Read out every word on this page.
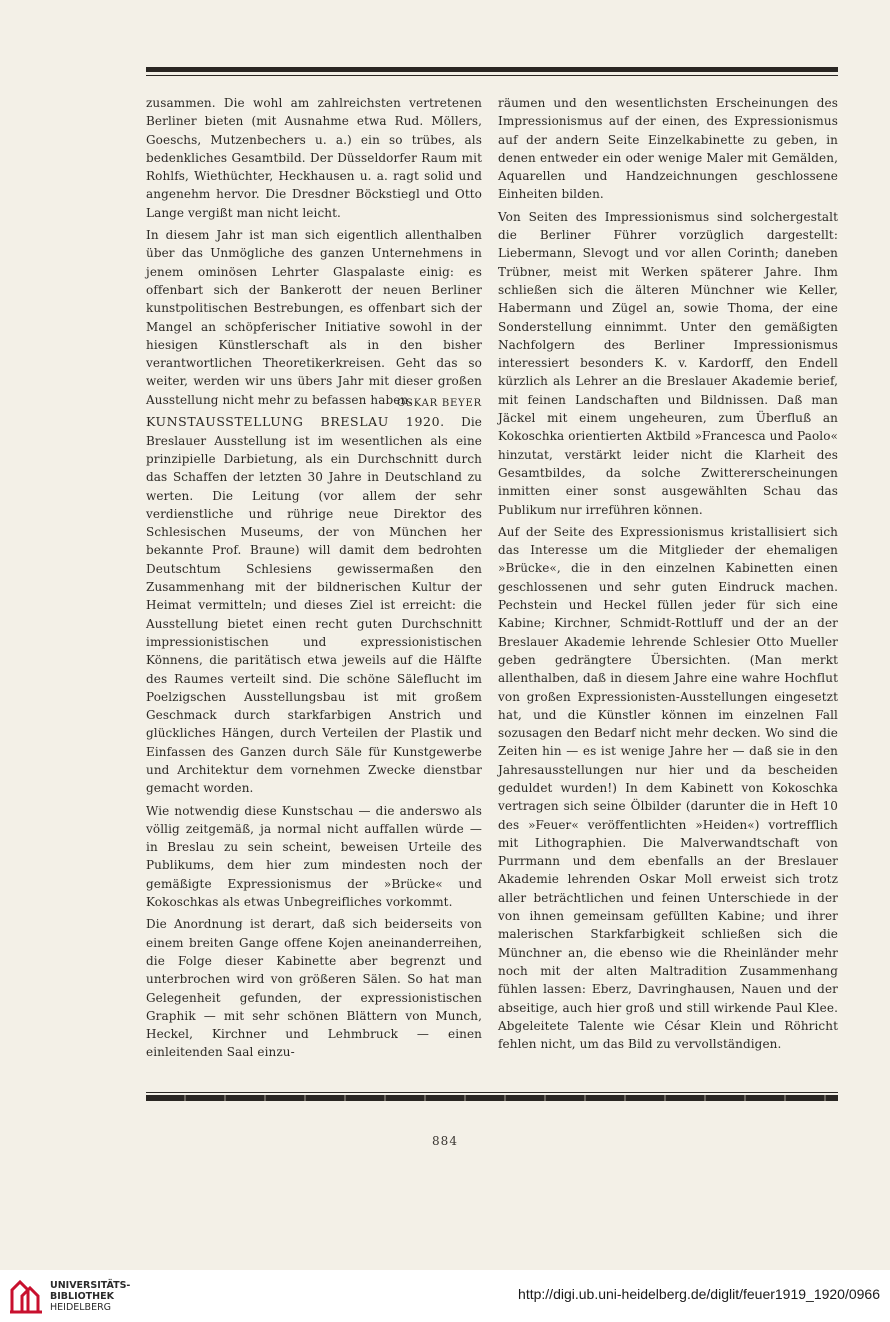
zusammen. Die wohl am zahlreichsten vertretenen Berliner bieten (mit Ausnahme etwa Rud. Möllers, Goeschs, Mutzenbechers u. a.) ein so trübes, als bedenkliches Gesamtbild. Der Düsseldorfer Raum mit Rohlfs, Wiethüchter, Heckhausen u. a. ragt solid und angenehm hervor. Die Dresdner Böckstiegl und Otto Lange vergißt man nicht leicht.

In diesem Jahr ist man sich eigentlich allenthalben über das Unmögliche des ganzen Unternehmens in jenem ominösen Lehrter Glaspalaste einig: es offenbart sich der Bankerott der neuen Berliner kunstpolitischen Bestrebungen, es offenbart sich der Mangel an schöpferischer Initiative sowohl in der hiesigen Künstlerschaft als in den bisher verantwortlichen Theoretikerkreisen. Geht das so weiter, werden wir uns übers Jahr mit dieser großen Ausstellung nicht mehr zu befassen haben.

OSKAR BEYER

KUNSTAUSSTELLUNG BRESLAU 1920. Die Breslauer Ausstellung ist im wesentlichen als eine prinzipielle Darbietung, als ein Durchschnitt durch das Schaffen der letzten 30 Jahre in Deutschland zu werten. Die Leitung (vor allem der sehr verdienstliche und rührige neue Direktor des Schlesischen Museums, der von München her bekannte Prof. Braune) will damit dem bedrohten Deutschtum Schlesiens gewissermaßen den Zusammenhang mit der bildnerischen Kultur der Heimat vermitteln; und dieses Ziel ist erreicht: die Ausstellung bietet einen recht guten Durchschnitt impressionistischen und expressionistischen Könnens, die paritätisch etwa jeweils auf die Hälfte des Raumes verteilt sind. Die schöne Säleflucht im Poelzigschen Ausstellungsbau ist mit großem Geschmack durch starkfarbigen Anstrich und glückliches Hängen, durch Verteilen der Plastik und Einfassen des Ganzen durch Säle für Kunstgewerbe und Architektur dem vornehmen Zwecke dienstbar gemacht worden.

Wie notwendig diese Kunstschau — die anderswo als völlig zeitgemäß, ja normal nicht auffallen würde — in Breslau zu sein scheint, beweisen Urteile des Publikums, dem hier zum mindesten noch der gemäßigte Expressionismus der »Brücke« und Kokoschkas als etwas Unbegreifliches vorkommt.

Die Anordnung ist derart, daß sich beiderseits von einem breiten Gange offene Kojen aneinanderreihen, die Folge dieser Kabinette aber begrenzt und unterbrochen wird von größeren Sälen. So hat man Gelegenheit gefunden, der expressionistischen Graphik — mit sehr schönen Blättern von Munch, Heckel, Kirchner und Lehmbruck — einen einleitenden Saal einzu-

räumen und den wesentlichsten Erscheinungen des Impressionismus auf der einen, des Expressionismus auf der andern Seite Einzelkabinette zu geben, in denen entweder ein oder wenige Maler mit Gemälden, Aquarellen und Handzeichnungen geschlossene Einheiten bilden.

Von Seiten des Impressionismus sind solchergestalt die Berliner Führer vorzüglich dargestellt: Liebermann, Slevogt und vor allen Corinth; daneben Trübner, meist mit Werken späterer Jahre. Ihm schließen sich die älteren Münchner wie Keller, Habermann und Zügel an, sowie Thoma, der eine Sonderstellung einnimmt. Unter den gemäßigten Nachfolgern des Berliner Impressionismus interessiert besonders K. v. Kardorff, den Endell kürzlich als Lehrer an die Breslauer Akademie berief, mit feinen Landschaften und Bildnissen. Daß man Jäckel mit einem ungeheuren, zum Überfluß an Kokoschka orientierten Aktbild »Francesca und Paolo« hinzutat, verstärkt leider nicht die Klarheit des Gesamtbildes, da solche Zwittererscheinungen inmitten einer sonst ausgewählten Schau das Publikum nur irreführen können.

Auf der Seite des Expressionismus kristallisiert sich das Interesse um die Mitglieder der ehemaligen »Brücke«, die in den einzelnen Kabinetten einen geschlossenen und sehr guten Eindruck machen. Pechstein und Heckel füllen jeder für sich eine Kabine; Kirchner, Schmidt-Rottluff und der an der Breslauer Akademie lehrende Schlesier Otto Mueller geben gedrängtere Übersichten. (Man merkt allenthalben, daß in diesem Jahre eine wahre Hochflut von großen Expressionisten-Ausstellungen eingesetzt hat, und die Künstler können im einzelnen Fall sozusagen den Bedarf nicht mehr decken. Wo sind die Zeiten hin — es ist wenige Jahre her — daß sie in den Jahresausstellungen nur hier und da bescheiden geduldet wurden!) In dem Kabinett von Kokoschka vertragen sich seine Ölbilder (darunter die in Heft 10 des »Feuer« veröffentlichten »Heiden«) vortrefflich mit Lithographien. Die Malverwandtschaft von Purrmann und dem ebenfalls an der Breslauer Akademie lehrenden Oskar Moll erweist sich trotz aller beträchtlichen und feinen Unterschiede in der von ihnen gemeinsam gefüllten Kabine; und ihrer malerischen Starkfarbigkeit schließen sich die Münchner an, die ebenso wie die Rheinländer mehr noch mit der alten Maltradition Zusammenhang fühlen lassen: Eberz, Davringhausen, Nauen und der abseitige, auch hier groß und still wirkende Paul Klee. Abgeleitete Talente wie César Klein und Röhricht fehlen nicht, um das Bild zu vervollständigen.

884
UNIVERSITÄTS-
BIBLIOTHEK
HEIDELBERG
http://digi.ub.uni-heidelberg.de/diglit/feuer1919_1920/0966
